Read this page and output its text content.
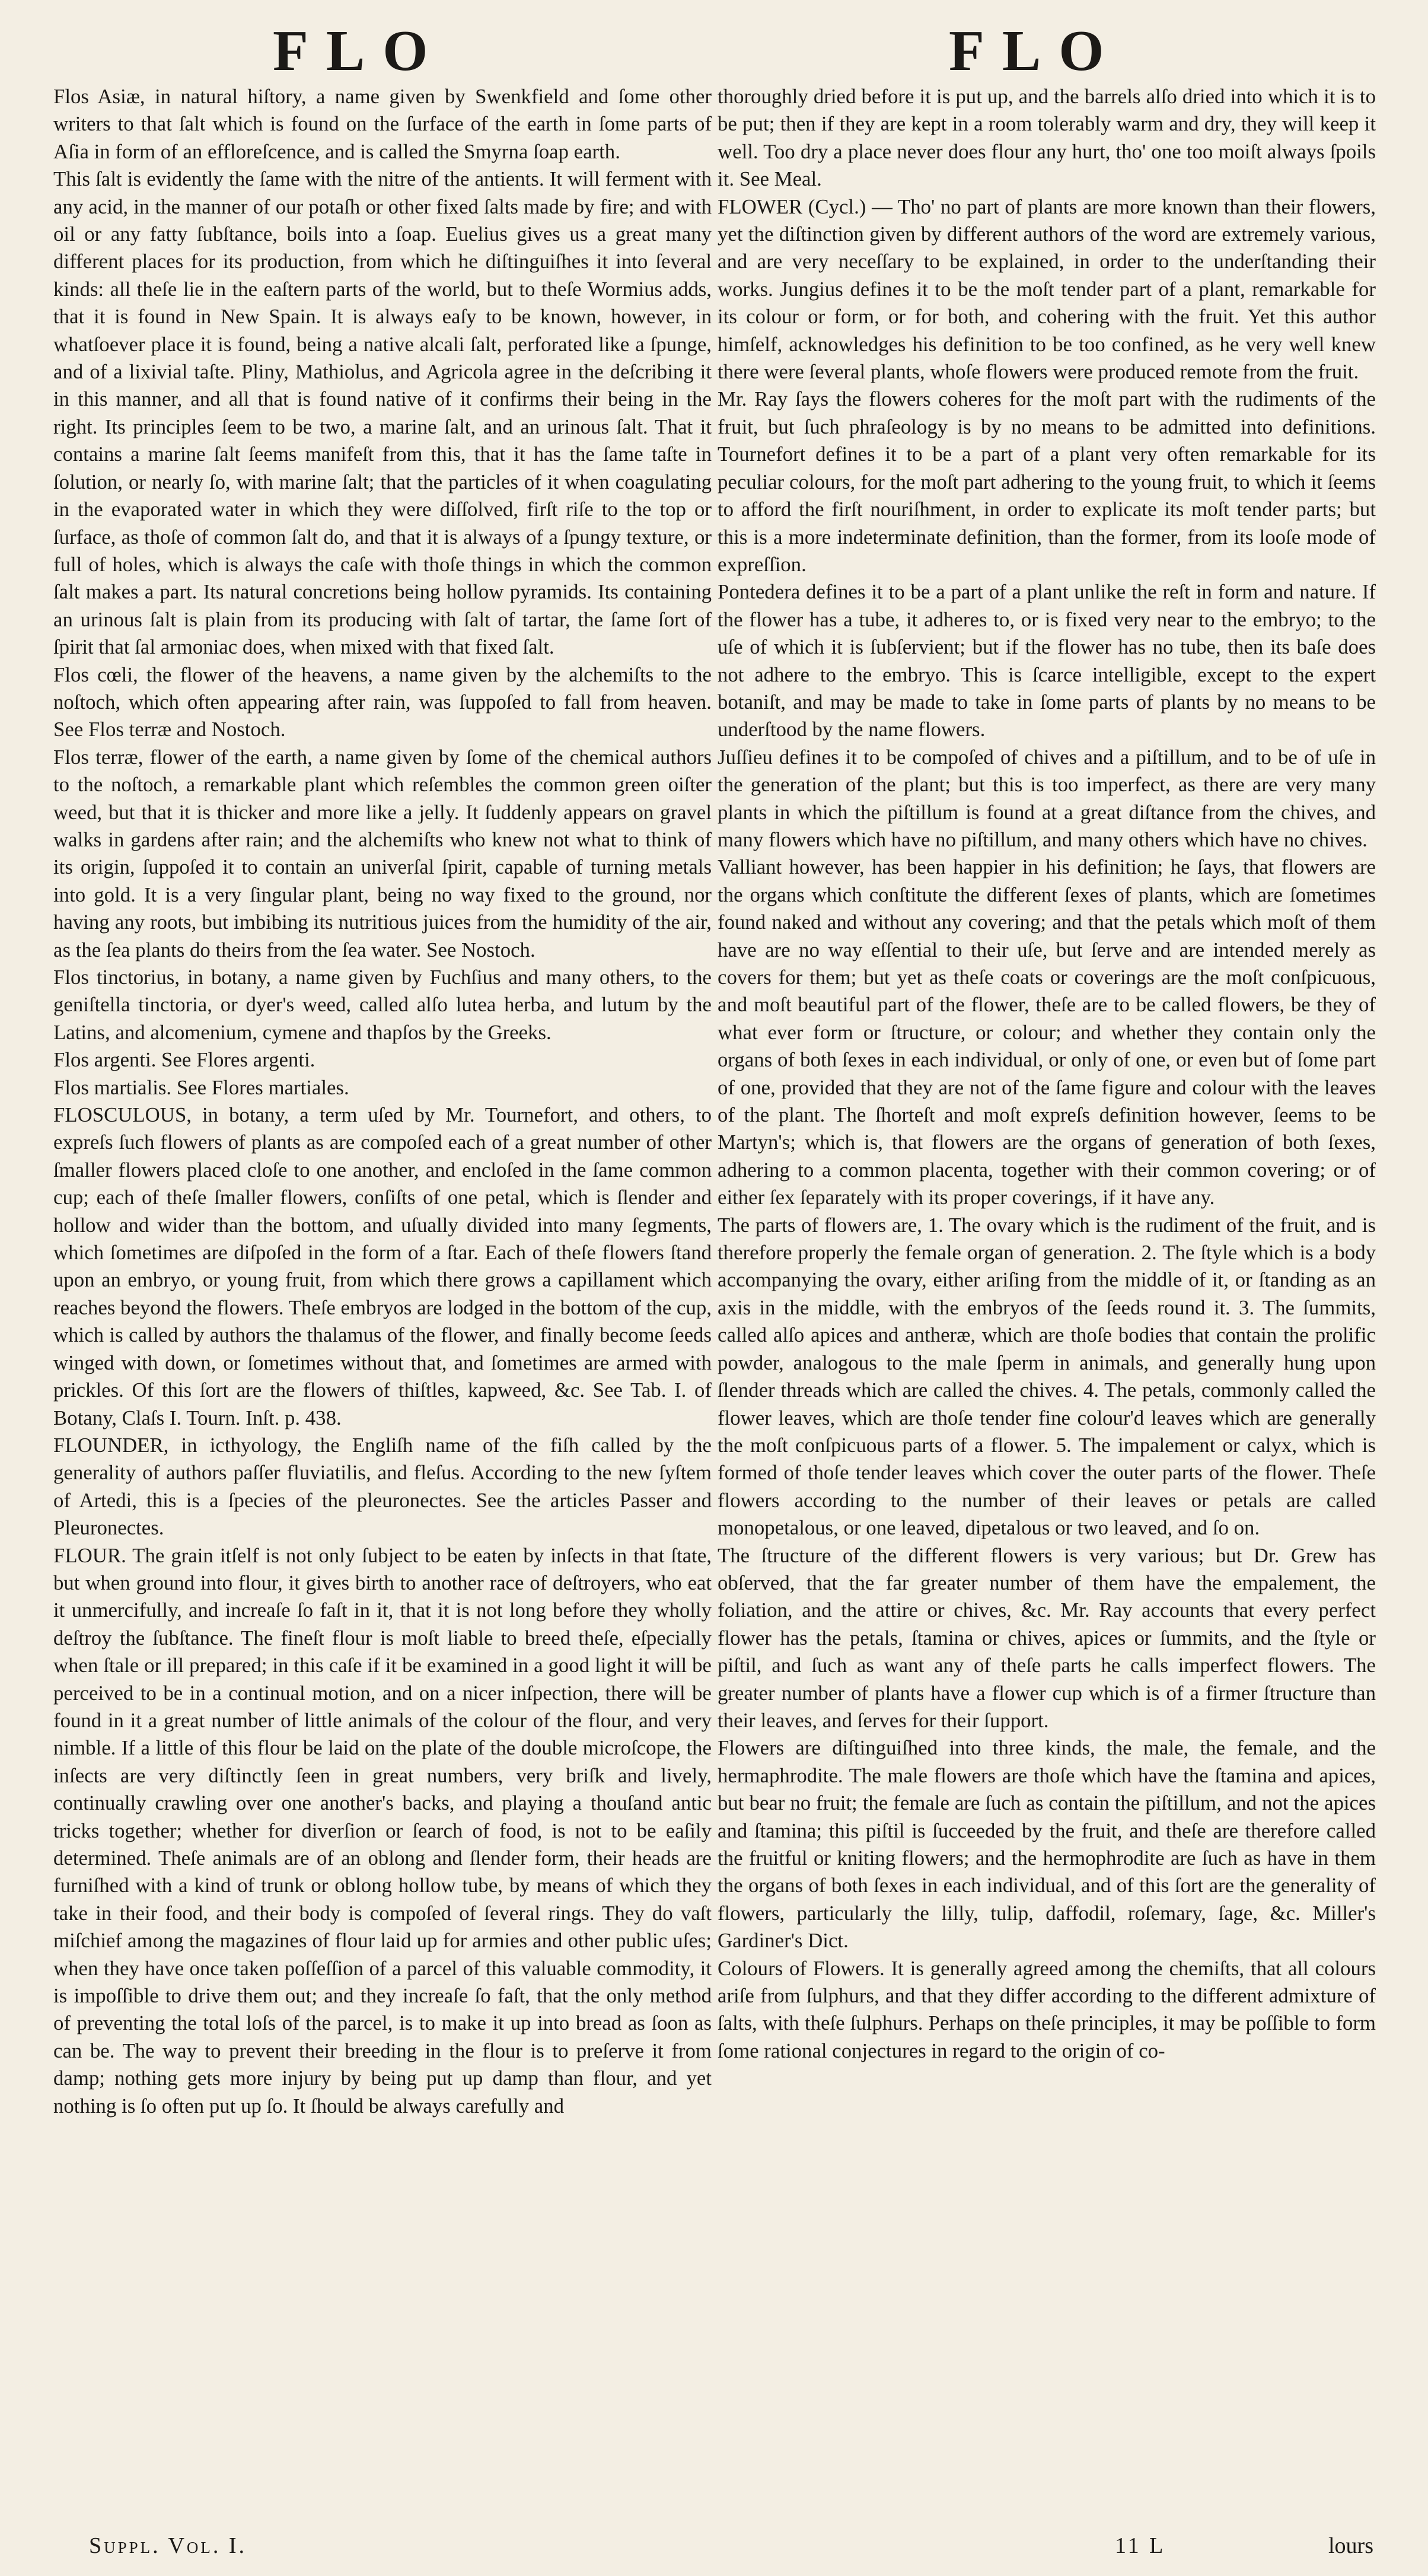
FLO	FLO

Flos Asiæ, in natural hiſtory, a name given by Swenkfield and ſome other writers to that ſalt which is found on the ſurface of the earth in ſome parts of Aſia in form of an effloreſcence, and is called the Smyrna ſoap earth.

This ſalt is evidently the ſame with the nitre of the antients. It will ferment with any acid, in the manner of our potaſh or other fixed ſalts made by fire; and with oil or any fatty ſubſtance, boils into a ſoap. Euelius gives us a great many different places for its production, from which he diſtinguiſhes it into ſeveral kinds: all theſe lie in the eaſtern parts of the world, but to theſe Wormius adds, that it is found in New Spain. It is always eaſy to be known, however, in whatſoever place it is found, being a native alcali ſalt, perforated like a ſpunge, and of a lixivial taſte. Pliny, Mathiolus, and Agricola agree in the deſcribing it in this manner, and all that is found native of it confirms their being in the right. Its principles ſeem to be two, a marine ſalt, and an urinous ſalt. That it contains a marine ſalt ſeems manifeſt from this, that it has the ſame taſte in ſolution, or nearly ſo, with marine ſalt; that the particles of it when coagulating in the evaporated water in which they were diſſolved, firſt riſe to the top or ſurface, as thoſe of common ſalt do, and that it is always of a ſpungy texture, or full of holes, which is always the caſe with thoſe things in which the common ſalt makes a part. Its natural concretions being hollow pyramids. Its containing an urinous ſalt is plain from its producing with ſalt of tartar, the ſame ſort of ſpirit that ſal armoniac does, when mixed with that fixed ſalt.

Flos cœli, the flower of the heavens, a name given by the alchemiſts to the noſtoch, which often appearing after rain, was ſuppoſed to fall from heaven. See Flos terræ and Nostoch.

Flos terræ, flower of the earth, a name given by ſome of the chemical authors to the noſtoch, a remarkable plant which reſembles the common green oiſter weed, but that it is thicker and more like a jelly. It ſuddenly appears on gravel walks in gardens after rain; and the alchemiſts who knew not what to think of its origin, ſuppoſed it to contain an univerſal ſpirit, capable of turning metals into gold. It is a very ſingular plant, being no way fixed to the ground, nor having any roots, but imbibing its nutritious juices from the humidity of the air, as the ſea plants do theirs from the ſea water. See Nostoch.

Flos tinctorius, in botany, a name given by Fuchſius and many others, to the geniſtella tinctoria, or dyer's weed, called alſo lutea herba, and lutum by the Latins, and alcomenium, cymene and thapſos by the Greeks.

Flos argenti. See Flores argenti.

Flos martialis. See Flores martiales.

FLOSCULOUS, in botany, a term uſed by Mr. Tournefort, and others, to expreſs ſuch flowers of plants as are compoſed each of a great number of other ſmaller flowers placed cloſe to one another, and encloſed in the ſame common cup; each of theſe ſmaller flowers, conſiſts of one petal, which is ſlender and hollow and wider than the bottom, and uſually divided into many ſegments, which ſometimes are diſpoſed in the form of a ſtar. Each of theſe flowers ſtand upon an embryo, or young fruit, from which there grows a capillament which reaches beyond the flowers. Theſe embryos are lodged in the bottom of the cup, which is called by authors the thalamus of the flower, and finally become ſeeds winged with down, or ſometimes without that, and ſometimes are armed with prickles. Of this ſort are the flowers of thiſtles, kapweed, &c. See Tab. I. of Botany, Claſs I. Tourn. Inſt. p. 438.

FLOUNDER, in icthyology, the Engliſh name of the fiſh called by the generality of authors paſſer fluviatilis, and fleſus. According to the new ſyſtem of Artedi, this is a ſpecies of the pleuronectes. See the articles Passer and Pleuronectes.

FLOUR. The grain itſelf is not only ſubject to be eaten by inſects in that ſtate, but when ground into flour, it gives birth to another race of deſtroyers, who eat it unmercifully, and increaſe ſo faſt in it, that it is not long before they wholly deſtroy the ſubſtance. The fineſt flour is moſt liable to breed theſe, eſpecially when ſtale or ill prepared; in this caſe if it be examined in a good light it will be perceived to be in a continual motion, and on a nicer inſpection, there will be found in it a great number of little animals of the colour of the flour, and very nimble. If a little of this flour be laid on the plate of the double microſcope, the inſects are very diſtinctly ſeen in great numbers, very briſk and lively, continually crawling over one another's backs, and playing a thouſand antic tricks together; whether for diverſion or ſearch of food, is not to be eaſily determined. Theſe animals are of an oblong and ſlender form, their heads are furniſhed with a kind of trunk or oblong hollow tube, by means of which they take in their food, and their body is compoſed of ſeveral rings. They do vaſt miſchief among the magazines of flour laid up for armies and other public uſes; when they have once taken poſſeſſion of a parcel of this valuable commodity, it is impoſſible to drive them out; and they increaſe ſo faſt, that the only method of preventing the total loſs of the parcel, is to make it up into bread as ſoon as can be. The way to prevent their breeding in the flour is to preſerve it from damp; nothing gets more injury by being put up damp than flour, and yet nothing is ſo often put up ſo. It ſhould be always carefully and

thoroughly dried before it is put up, and the barrels alſo dried into which it is to be put; then if they are kept in a room tolerably warm and dry, they will keep it well. Too dry a place never does flour any hurt, tho' one too moiſt always ſpoils it. See Meal.

FLOWER (Cycl.) — Tho' no part of plants are more known than their flowers, yet the diſtinction given by different authors of the word are extremely various, and are very neceſſary to be explained, in order to the underſtanding their works. Jungius defines it to be the moſt tender part of a plant, remarkable for its colour or form, or for both, and cohering with the fruit. Yet this author himſelf, acknowledges his definition to be too confined, as he very well knew there were ſeveral plants, whoſe flowers were produced remote from the fruit.

Mr. Ray ſays the flowers coheres for the moſt part with the rudiments of the fruit, but ſuch phraſeology is by no means to be admitted into definitions. Tournefort defines it to be a part of a plant very often remarkable for its peculiar colours, for the moſt part adhering to the young fruit, to which it ſeems to afford the firſt nouriſhment, in order to explicate its moſt tender parts; but this is a more indeterminate definition, than the former, from its looſe mode of expreſſion.

Pontedera defines it to be a part of a plant unlike the reſt in form and nature. If the flower has a tube, it adheres to, or is fixed very near to the embryo; to the uſe of which it is ſubſervient; but if the flower has no tube, then its baſe does not adhere to the embryo. This is ſcarce intelligible, except to the expert botaniſt, and may be made to take in ſome parts of plants by no means to be underſtood by the name flowers.

Juſſieu defines it to be compoſed of chives and a piſtillum, and to be of uſe in the generation of the plant; but this is too imperfect, as there are very many plants in which the piſtillum is found at a great diſtance from the chives, and many flowers which have no piſtillum, and many others which have no chives.

Valliant however, has been happier in his definition; he ſays, that flowers are the organs which conſtitute the different ſexes of plants, which are ſometimes found naked and without any covering; and that the petals which moſt of them have are no way eſſential to their uſe, but ſerve and are intended merely as covers for them; but yet as theſe coats or coverings are the moſt conſpicuous, and moſt beautiful part of the flower, theſe are to be called flowers, be they of what ever form or ſtructure, or colour; and whether they contain only the organs of both ſexes in each individual, or only of one, or even but of ſome part of one, provided that they are not of the ſame figure and colour with the leaves of the plant. The ſhorteſt and moſt expreſs definition however, ſeems to be Martyn's; which is, that flowers are the organs of generation of both ſexes, adhering to a common placenta, together with their common covering; or of either ſex ſeparately with its proper coverings, if it have any.

The parts of flowers are, 1. The ovary which is the rudiment of the fruit, and is therefore properly the female organ of generation. 2. The ſtyle which is a body accompanying the ovary, either ariſing from the middle of it, or ſtanding as an axis in the middle, with the embryos of the ſeeds round it. 3. The ſummits, called alſo apices and antheræ, which are thoſe bodies that contain the prolific powder, analogous to the male ſperm in animals, and generally hung upon ſlender threads which are called the chives. 4. The petals, commonly called the flower leaves, which are thoſe tender fine colour'd leaves which are generally the moſt conſpicuous parts of a flower. 5. The impalement or calyx, which is formed of thoſe tender leaves which cover the outer parts of the flower. Theſe flowers according to the number of their leaves or petals are called monopetalous, or one leaved, dipetalous or two leaved, and ſo on.

The ſtructure of the different flowers is very various; but Dr. Grew has obſerved, that the far greater number of them have the empalement, the foliation, and the attire or chives, &c. Mr. Ray accounts that every perfect flower has the petals, ſtamina or chives, apices or ſummits, and the ſtyle or piſtil, and ſuch as want any of theſe parts he calls imperfect flowers. The greater number of plants have a flower cup which is of a firmer ſtructure than their leaves, and ſerves for their ſupport.

Flowers are diſtinguiſhed into three kinds, the male, the female, and the hermaphrodite. The male flowers are thoſe which have the ſtamina and apices, but bear no fruit; the female are ſuch as contain the piſtillum, and not the apices and ſtamina; this piſtil is ſucceeded by the fruit, and theſe are therefore called the fruitful or kniting flowers; and the hermophrodite are ſuch as have in them the organs of both ſexes in each individual, and of this ſort are the generality of flowers, particularly the lilly, tulip, daffodil, roſemary, ſage, &c. Miller's Gardiner's Dict.

Colours of Flowers. It is generally agreed among the chemiſts, that all colours ariſe from ſulphurs, and that they differ according to the different admixture of ſalts, with theſe ſulphurs. Perhaps on theſe principles, it may be poſſible to form ſome rational conjectures in regard to the origin of co-

Suppl. Vol. I.	11 L	lours
